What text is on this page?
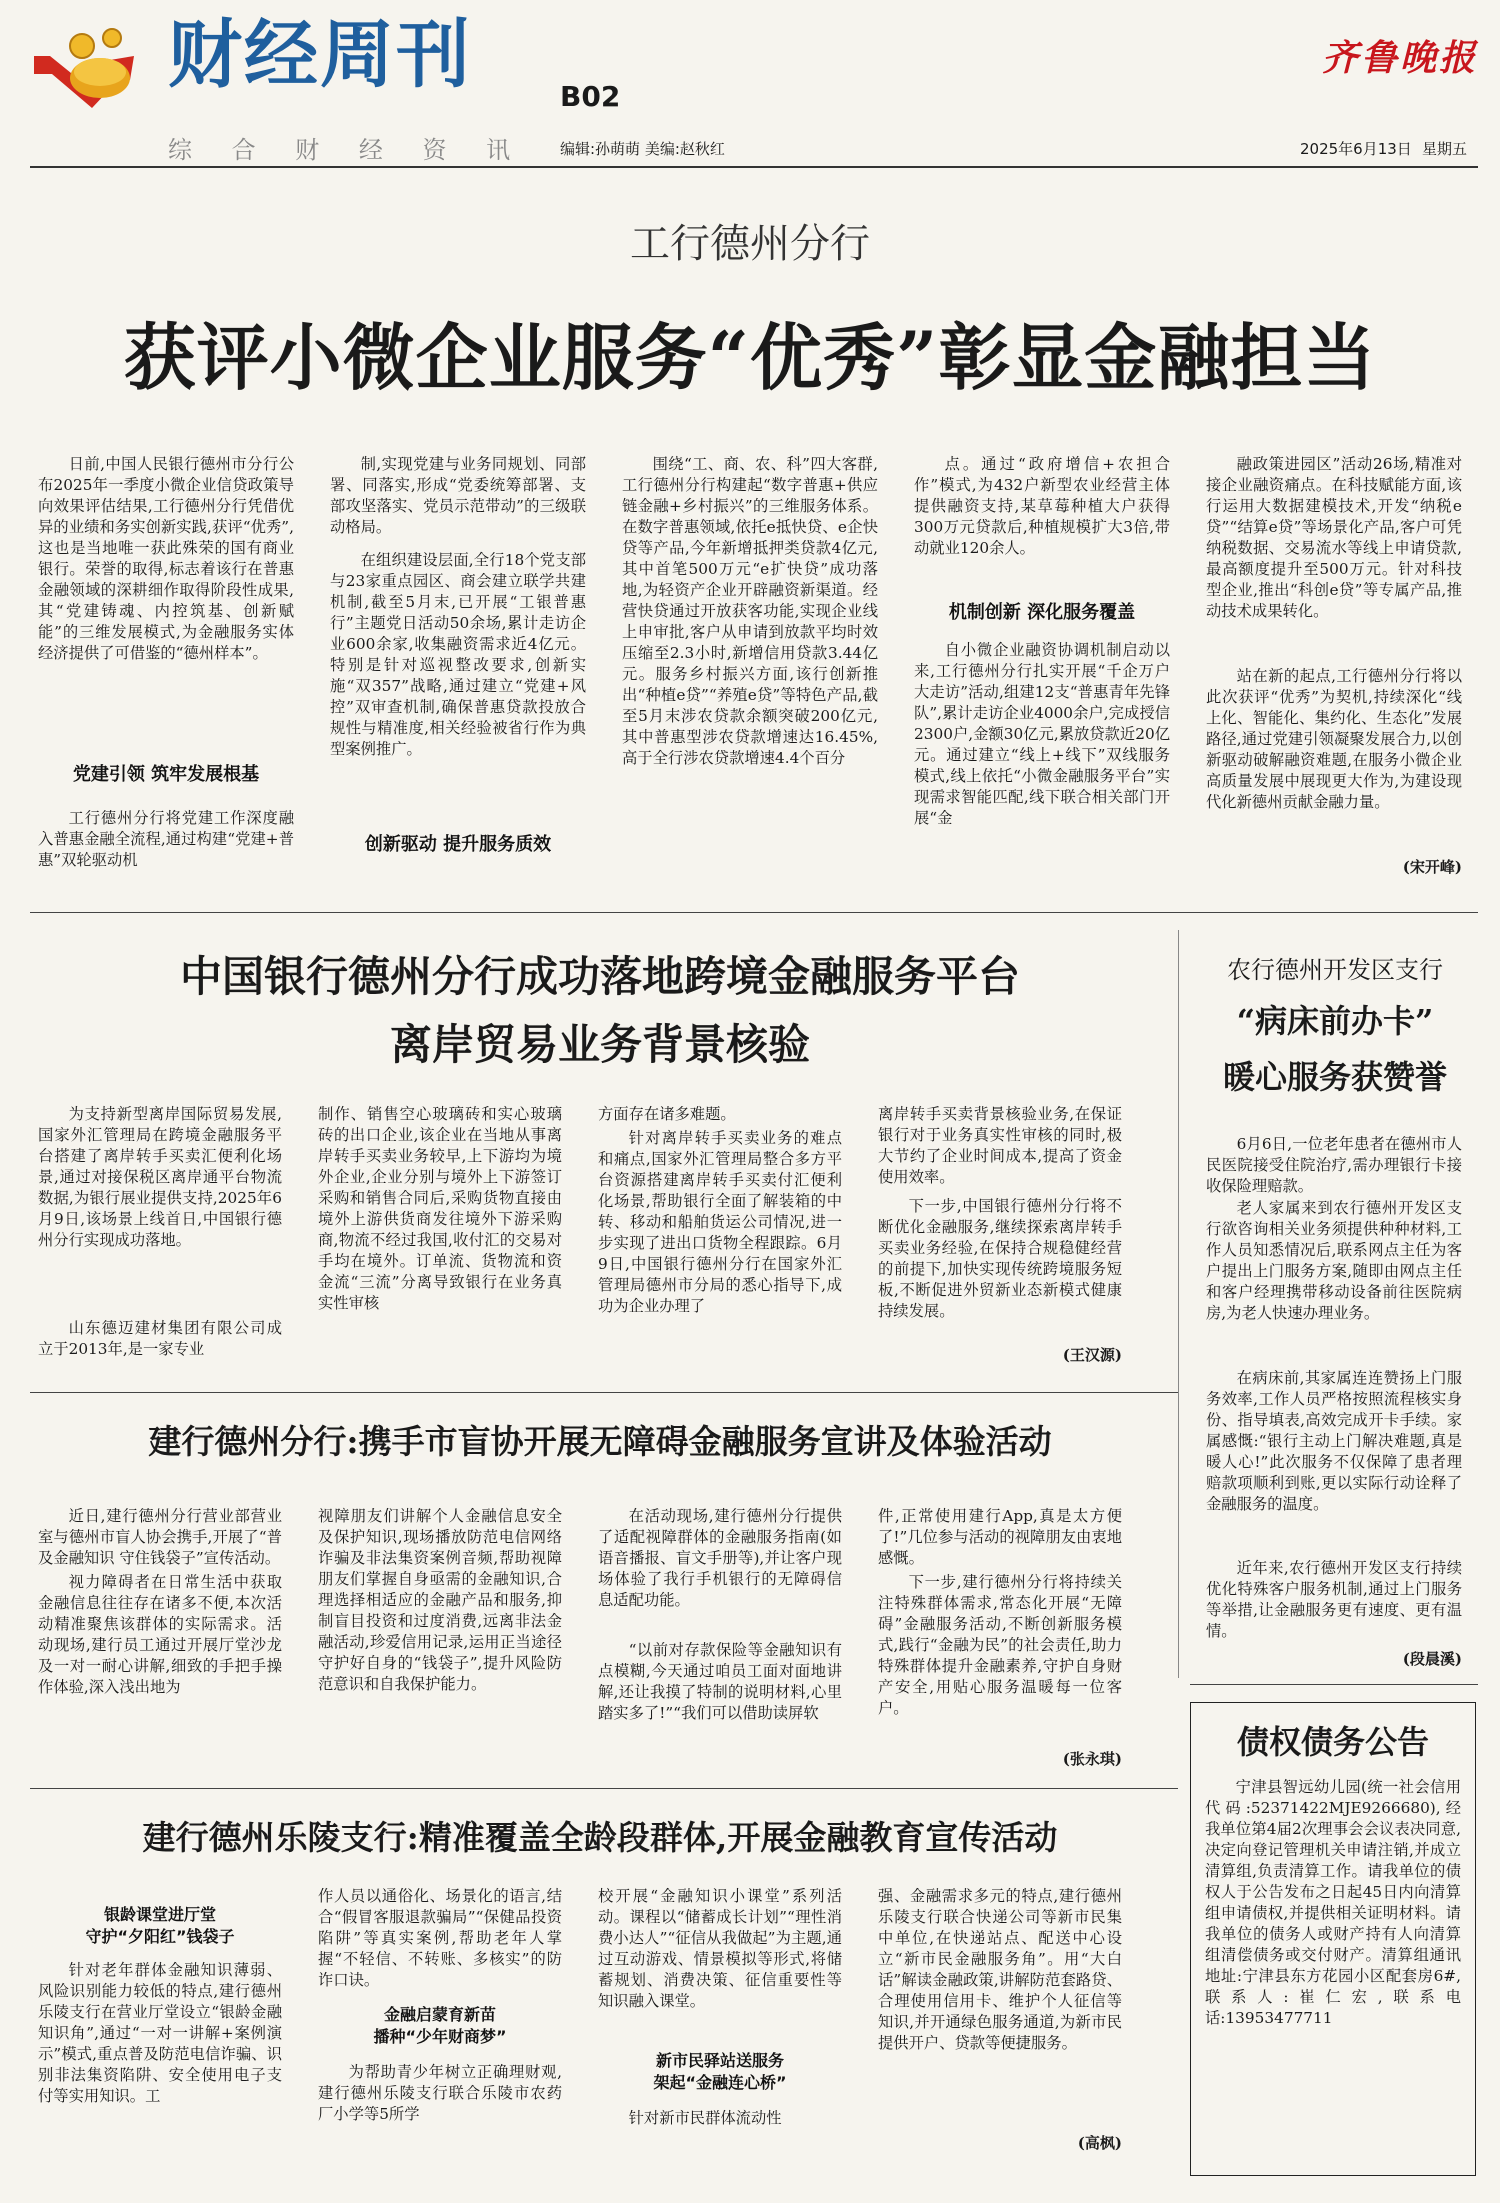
财经周刊	B02
综 合 财 经 资 讯 编辑:孙萌萌 美编:赵秋红
齐鲁晚报
2025年6月13日 星期五
工行德州分行
获评小微企业服务“优秀”彰显金融担当

日前,中国人民银行德州市分行公布2025年一季度小微企业信贷政策导向效果评估结果,工行德州分行凭借优异的业绩和务实创新实践,获评“优秀”,这也是当地唯一获此殊荣的国有商业银行。荣誉的取得,标志着该行在普惠金融领域的深耕细作取得阶段性成果,其“党建铸魂、内控筑基、创新赋能”的三维发展模式,为金融服务实体经济提供了可借鉴的“德州样本”。

党建引领 筑牢发展根基

工行德州分行将党建工作深度融入普惠金融全流程,通过构建“党建+普惠”双轮驱动机

制,实现党建与业务同规划、同部署、同落实,形成“党委统筹部署、支部攻坚落实、党员示范带动”的三级联动格局。

在组织建设层面,全行18个党支部与23家重点园区、商会建立联学共建机制,截至5月末,已开展“工银普惠行”主题党日活动50余场,累计走访企业600余家,收集融资需求近4亿元。特别是针对巡视整改要求,创新实施“双357”战略,通过建立“党建+风控”双审查机制,确保普惠贷款投放合规性与精准度,相关经验被省行作为典型案例推广。

创新驱动 提升服务质效

围绕“工、商、农、科”四大客群,工行德州分行构建起“数字普惠+供应链金融+乡村振兴”的三维服务体系。在数字普惠领域,依托e抵快贷、e企快贷等产品,今年新增抵押类贷款4亿元,其中首笔500万元“e扩快贷”成功落地,为轻资产企业开辟融资新渠道。经营快贷通过开放获客功能,实现企业线上申审批,客户从申请到放款平均时效压缩至2.3小时,新增信用贷款3.44亿元。服务乡村振兴方面,该行创新推出“种植e贷”“养殖e贷”等特色产品,截至5月末涉农贷款余额突破200亿元,其中普惠型涉农贷款增速达16.45%,高于全行涉农贷款增速4.4个百分

点。通过“政府增信+农担合作”模式,为432户新型农业经营主体提供融资支持,某草莓种植大户获得300万元贷款后,种植规模扩大3倍,带动就业120余人。

机制创新 深化服务覆盖

自小微企业融资协调机制启动以来,工行德州分行扎实开展“千企万户大走访”活动,组建12支“普惠青年先锋队”,累计走访企业4000余户,完成授信2300户,金额30亿元,累放贷款近20亿元。通过建立“线上+线下”双线服务模式,线上依托“小微金融服务平台”实现需求智能匹配,线下联合相关部门开展“金

融政策进园区”活动26场,精准对接企业融资痛点。在科技赋能方面,该行运用大数据建模技术,开发“纳税e贷”“结算e贷”等场景化产品,客户可凭纳税数据、交易流水等线上申请贷款,最高额度提升至500万元。针对科技型企业,推出“科创e贷”等专属产品,推动技术成果转化。

站在新的起点,工行德州分行将以此次获评“优秀”为契机,持续深化“线上化、智能化、集约化、生态化”发展路径,通过党建引领凝聚发展合力,以创新驱动破解融资难题,在服务小微企业高质量发展中展现更大作为,为建设现代化新德州贡献金融力量。

(宋开峰)
中国银行德州分行成功落地跨境金融服务平台
离岸贸易业务背景核验

为支持新型离岸国际贸易发展,国家外汇管理局在跨境金融服务平台搭建了离岸转手买卖汇便利化场景,通过对接保税区离岸通平台物流数据,为银行展业提供支持,2025年6月9日,该场景上线首日,中国银行德州分行实现成功落地。

山东德迈建材集团有限公司成立于2013年,是一家专业

制作、销售空心玻璃砖和实心玻璃砖的出口企业,该企业在当地从事离岸转手买卖业务较早,上下游均为境外企业,企业分别与境外上下游签订采购和销售合同后,采购货物直接由境外上游供货商发往境外下游采购商,物流不经过我国,收付汇的交易对手均在境外。订单流、货物流和资金流“三流”分离导致银行在业务真实性审核

方面存在诸多难题。

针对离岸转手买卖业务的难点和痛点,国家外汇管理局整合多方平台资源搭建离岸转手买卖付汇便利化场景,帮助银行全面了解装箱的中转、移动和船舶货运公司情况,进一步实现了进出口货物全程跟踪。6月9日,中国银行德州分行在国家外汇管理局德州市分局的悉心指导下,成功为企业办理了

离岸转手买卖背景核验业务,在保证银行对于业务真实性审核的同时,极大节约了企业时间成本,提高了资金使用效率。

下一步,中国银行德州分行将不断优化金融服务,继续探索离岸转手买卖业务经验,在保持合规稳健经营的前提下,加快实现传统跨境服务短板,不断促进外贸新业态新模式健康持续发展。

(王汉源)
农行德州开发区支行
“病床前办卡”
暖心服务获赞誉

6月6日,一位老年患者在德州市人民医院接受住院治疗,需办理银行卡接收保险理赔款。

老人家属来到农行德州开发区支行欲咨询相关业务须提供种种材料,工作人员知悉情况后,联系网点主任为客户提出上门服务方案,随即由网点主任和客户经理携带移动设备前往医院病房,为老人快速办理业务。

在病床前,其家属连连赞扬上门服务效率,工作人员严格按照流程核实身份、指导填表,高效完成开卡手续。家属感慨:“银行主动上门解决难题,真是暖人心!”此次服务不仅保障了患者理赔款项顺利到账,更以实际行动诠释了金融服务的温度。

近年来,农行德州开发区支行持续优化特殊客户服务机制,通过上门服务等举措,让金融服务更有速度、更有温情。

(段晨溪)
建行德州分行:携手市盲协开展无障碍金融服务宣讲及体验活动

近日,建行德州分行营业部营业室与德州市盲人协会携手,开展了“普及金融知识 守住钱袋子”宣传活动。

视力障碍者在日常生活中获取金融信息往往存在诸多不便,本次活动精准聚焦该群体的实际需求。活动现场,建行员工通过开展厅堂沙龙及一对一耐心讲解,细致的手把手操作体验,深入浅出地为

视障朋友们讲解个人金融信息安全及保护知识,现场播放防范电信网络诈骗及非法集资案例音频,帮助视障朋友们掌握自身亟需的金融知识,合理选择相适应的金融产品和服务,抑制盲目投资和过度消费,远离非法金融活动,珍爱信用记录,运用正当途径守护好自身的“钱袋子”,提升风险防范意识和自我保护能力。

在活动现场,建行德州分行提供了适配视障群体的金融服务指南(如语音播报、盲文手册等),并让客户现场体验了我行手机银行的无障碍信息适配功能。

“以前对存款保险等金融知识有点模糊,今天通过咱员工面对面地讲解,还让我摸了特制的说明材料,心里踏实多了!”“我们可以借助读屏软

件,正常使用建行App,真是太方便了!”几位参与活动的视障朋友由衷地感慨。

下一步,建行德州分行将持续关注特殊群体需求,常态化开展“无障碍”金融服务活动,不断创新服务模式,践行“金融为民”的社会责任,助力特殊群体提升金融素养,守护自身财产安全,用贴心服务温暖每一位客户。

(张永琪)
建行德州乐陵支行:精准覆盖全龄段群体,开展金融教育宣传活动
银龄课堂进厅堂
守护“夕阳红”钱袋子

针对老年群体金融知识薄弱、风险识别能力较低的特点,建行德州乐陵支行在营业厅堂设立“银龄金融知识角”,通过“一对一讲解+案例演示”模式,重点普及防范电信诈骗、识别非法集资陷阱、安全使用电子支付等实用知识。工

作人员以通俗化、场景化的语言,结合“假冒客服退款骗局”“保健品投资陷阱”等真实案例,帮助老年人掌握“不轻信、不转账、多核实”的防诈口诀。

金融启蒙育新苗
播种“少年财商梦”

为帮助青少年树立正确理财观,建行德州乐陵支行联合乐陵市农药厂小学等5所学

校开展“金融知识小课堂”系列活动。课程以“储蓄成长计划”“理性消费小达人”“征信从我做起”为主题,通过互动游戏、情景模拟等形式,将储蓄规划、消费决策、征信重要性等知识融入课堂。

新市民驿站送服务
架起“金融连心桥”

针对新市民群体流动性

强、金融需求多元的特点,建行德州乐陵支行联合快递公司等新市民集中单位,在快递站点、配送中心设立“新市民金融服务角”。用“大白话”解读金融政策,讲解防范套路贷、合理使用信用卡、维护个人征信等知识,并开通绿色服务通道,为新市民提供开户、贷款等便捷服务。

(高枫)
债权债务公告
宁津县智远幼儿园(统一社会信用代码:52371422MJE9266680),经我单位第4届2次理事会会议表决同意,决定向登记管理机关申请注销,并成立清算组,负责清算工作。请我单位的债权人于公告发布之日起45日内向清算组申请债权,并提供相关证明材料。请我单位的债务人或财产持有人向清算组清偿债务或交付财产。清算组通讯地址:宁津县东方花园小区配套房6#,联系人:崔仁宏,联系电话:13953477711
